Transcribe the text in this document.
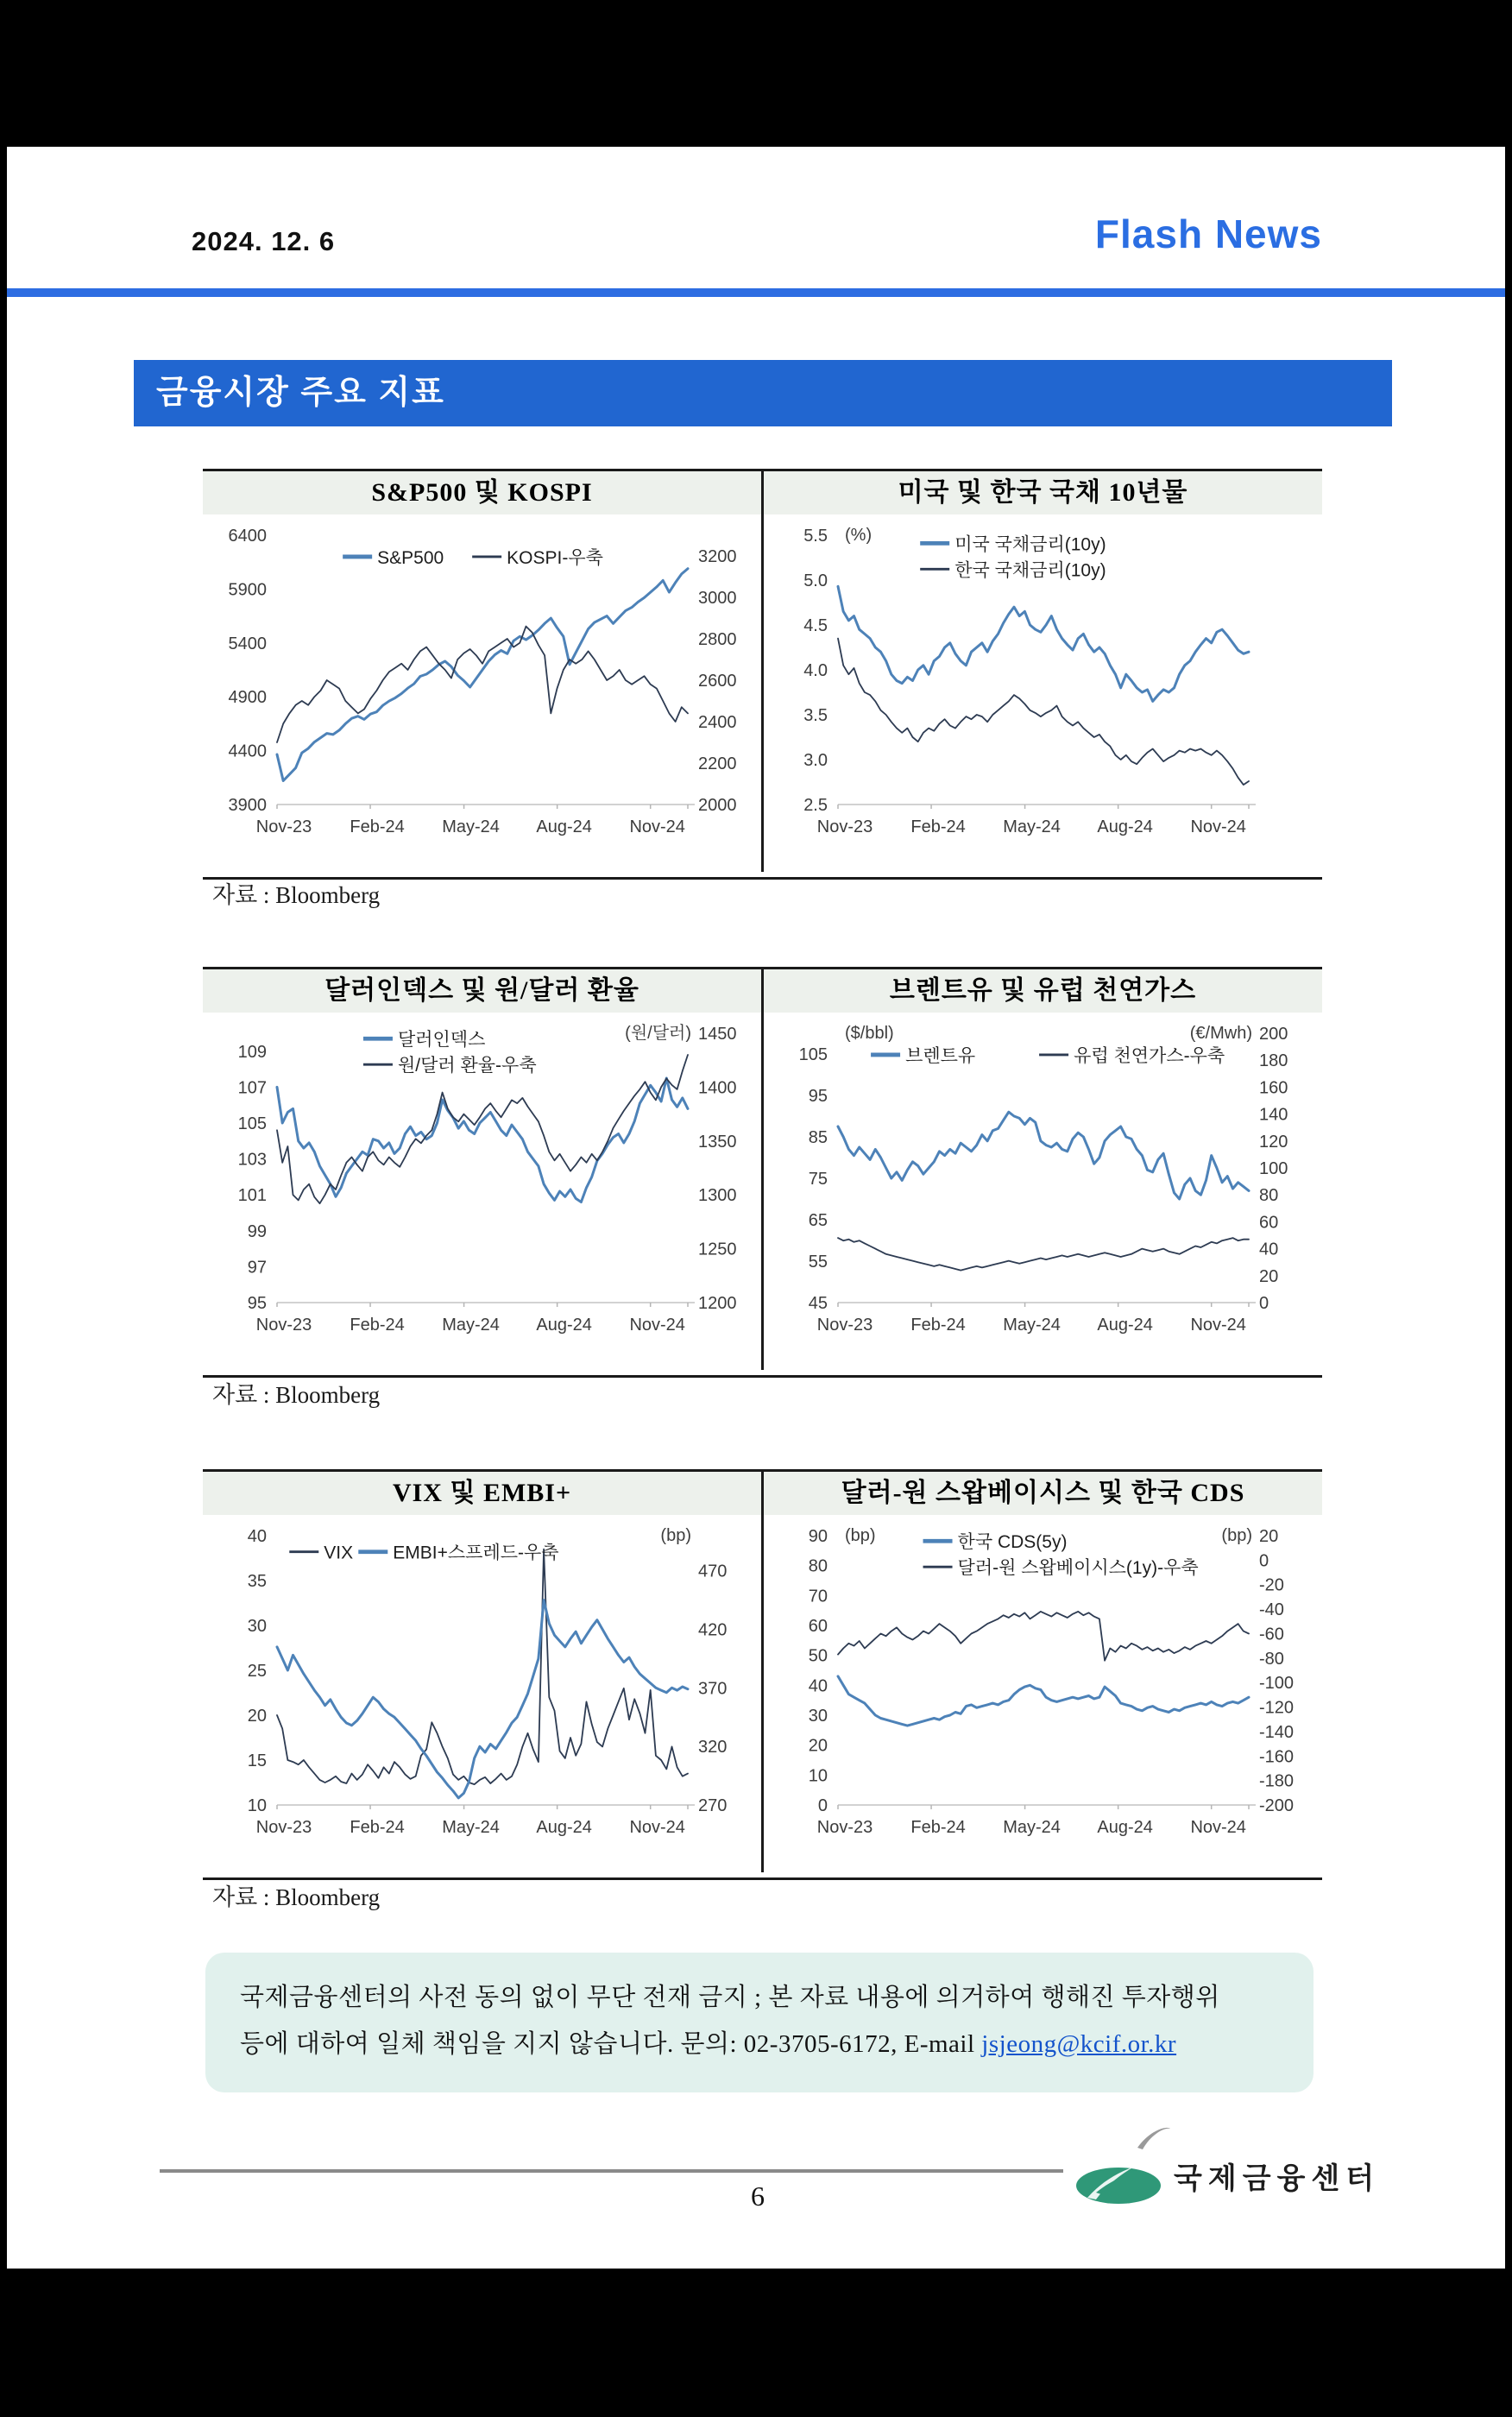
2024. 12. 6	Flash News
금융시장 주요 지표
S&P500 및 KOSPI
6400
5900
5400
4900
4400
3900
3200
3000
2800
2600
2400
2200
2000
Nov-23 Feb-24 May-24 Aug-24 Nov-24
S&P500	KOSPI-우축
미국 및 한국 국채 10년물
5.5
5.0
4.5
4.0
3.5
3.0
2.5
Nov-23 Feb-24 May-24 Aug-24 Nov-24
(%)	미국 국채금리(10y)
한국 국채금리(10y)
자료 : Bloomberg
달러인덱스 및 원/달러 환율
109
107
105
103
101
99
97
95
1450
1400
1350
1300
1250
1200
Nov-23 Feb-24 May-24 Aug-24 Nov-24
(원/달러)
달러인덱스
원/달러 환율-우축
브렌트유 및 유럽 천연가스
105
95
85
75
65
55
45
200
180
160
140
120
100
80
60
40
20
0
Nov-23 Feb-24 May-24 Aug-24 Nov-24
($/bbl)	(€/Mwh)
브렌트유	유럽 천연가스-우축
자료 : Bloomberg
VIX 및 EMBI+
40
35
30
25
20
15
10
470
420
370
320
270
Nov-23 Feb-24 May-24 Aug-24 Nov-24
(bp)
VIX EMBI+스프레드-우축
달러-원 스왑베이시스 및 한국 CDS
90
80
70
60
50
40
30
20
10
0
20
0
-20
-40
-60
-80
-100
-120
-140
-160
-180
-200
Nov-23 Feb-24 May-24 Aug-24 Nov-24
(bp)	(bp)
한국 CDS(5y)
달러-원 스왑베이시스(1y)-우축
자료 : Bloomberg
국제금융센터의 사전 동의 없이 무단 전재 금지 ; 본 자료 내용에 의거하여 행해진 투자행위
등에 대하여 일체 책임을 지지 않습니다. 문의: 02-3705-6172, E-mail jsjeong@kcif.or.kr
국제금융센터
6
